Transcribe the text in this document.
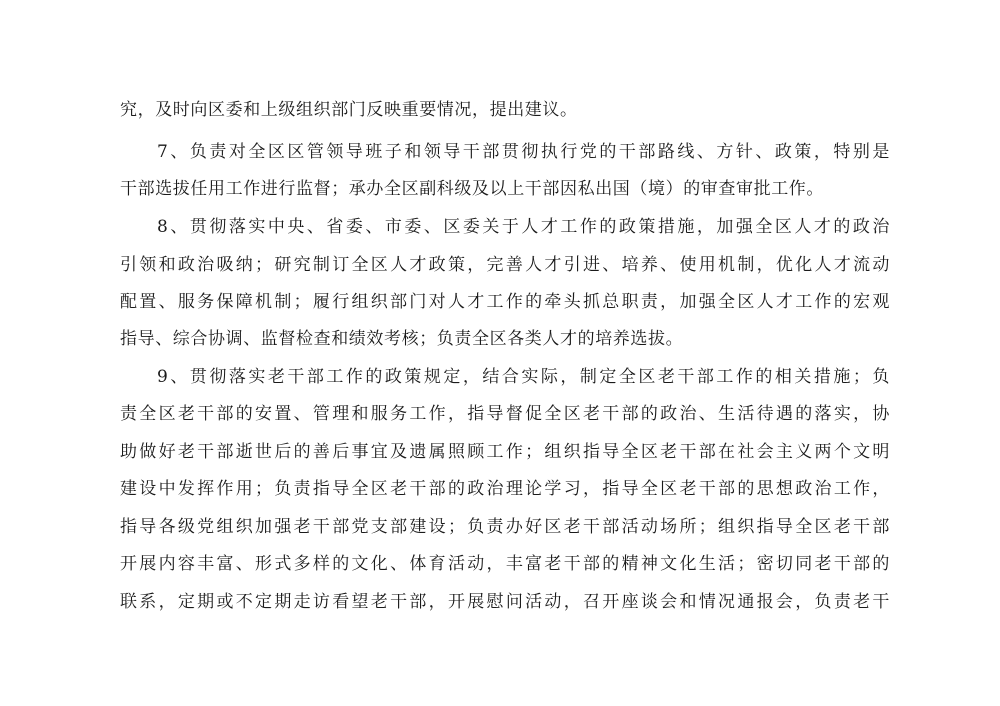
究，及时向区委和上级组织部门反映重要情况，提出建议。
7、负责对全区区管领导班子和领导干部贯彻执行党的干部路线、方针、政策，特别是
干部选拔任用工作进行监督；承办全区副科级及以上干部因私出国（境）的审查审批工作。
8、贯彻落实中央、省委、市委、区委关于人才工作的政策措施，加强全区人才的政治
引领和政治吸纳；研究制订全区人才政策，完善人才引进、培养、使用机制，优化人才流动
配置、服务保障机制；履行组织部门对人才工作的牵头抓总职责，加强全区人才工作的宏观
指导、综合协调、监督检查和绩效考核；负责全区各类人才的培养选拔。
9、贯彻落实老干部工作的政策规定，结合实际，制定全区老干部工作的相关措施；负
责全区老干部的安置、管理和服务工作，指导督促全区老干部的政治、生活待遇的落实，协
助做好老干部逝世后的善后事宜及遗属照顾工作；组织指导全区老干部在社会主义两个文明
建设中发挥作用；负责指导全区老干部的政治理论学习，指导全区老干部的思想政治工作，
指导各级党组织加强老干部党支部建设；负责办好区老干部活动场所；组织指导全区老干部
开展内容丰富、形式多样的文化、体育活动，丰富老干部的精神文化生活；密切同老干部的
联系，定期或不定期走访看望老干部，开展慰问活动，召开座谈会和情况通报会，负责老干
